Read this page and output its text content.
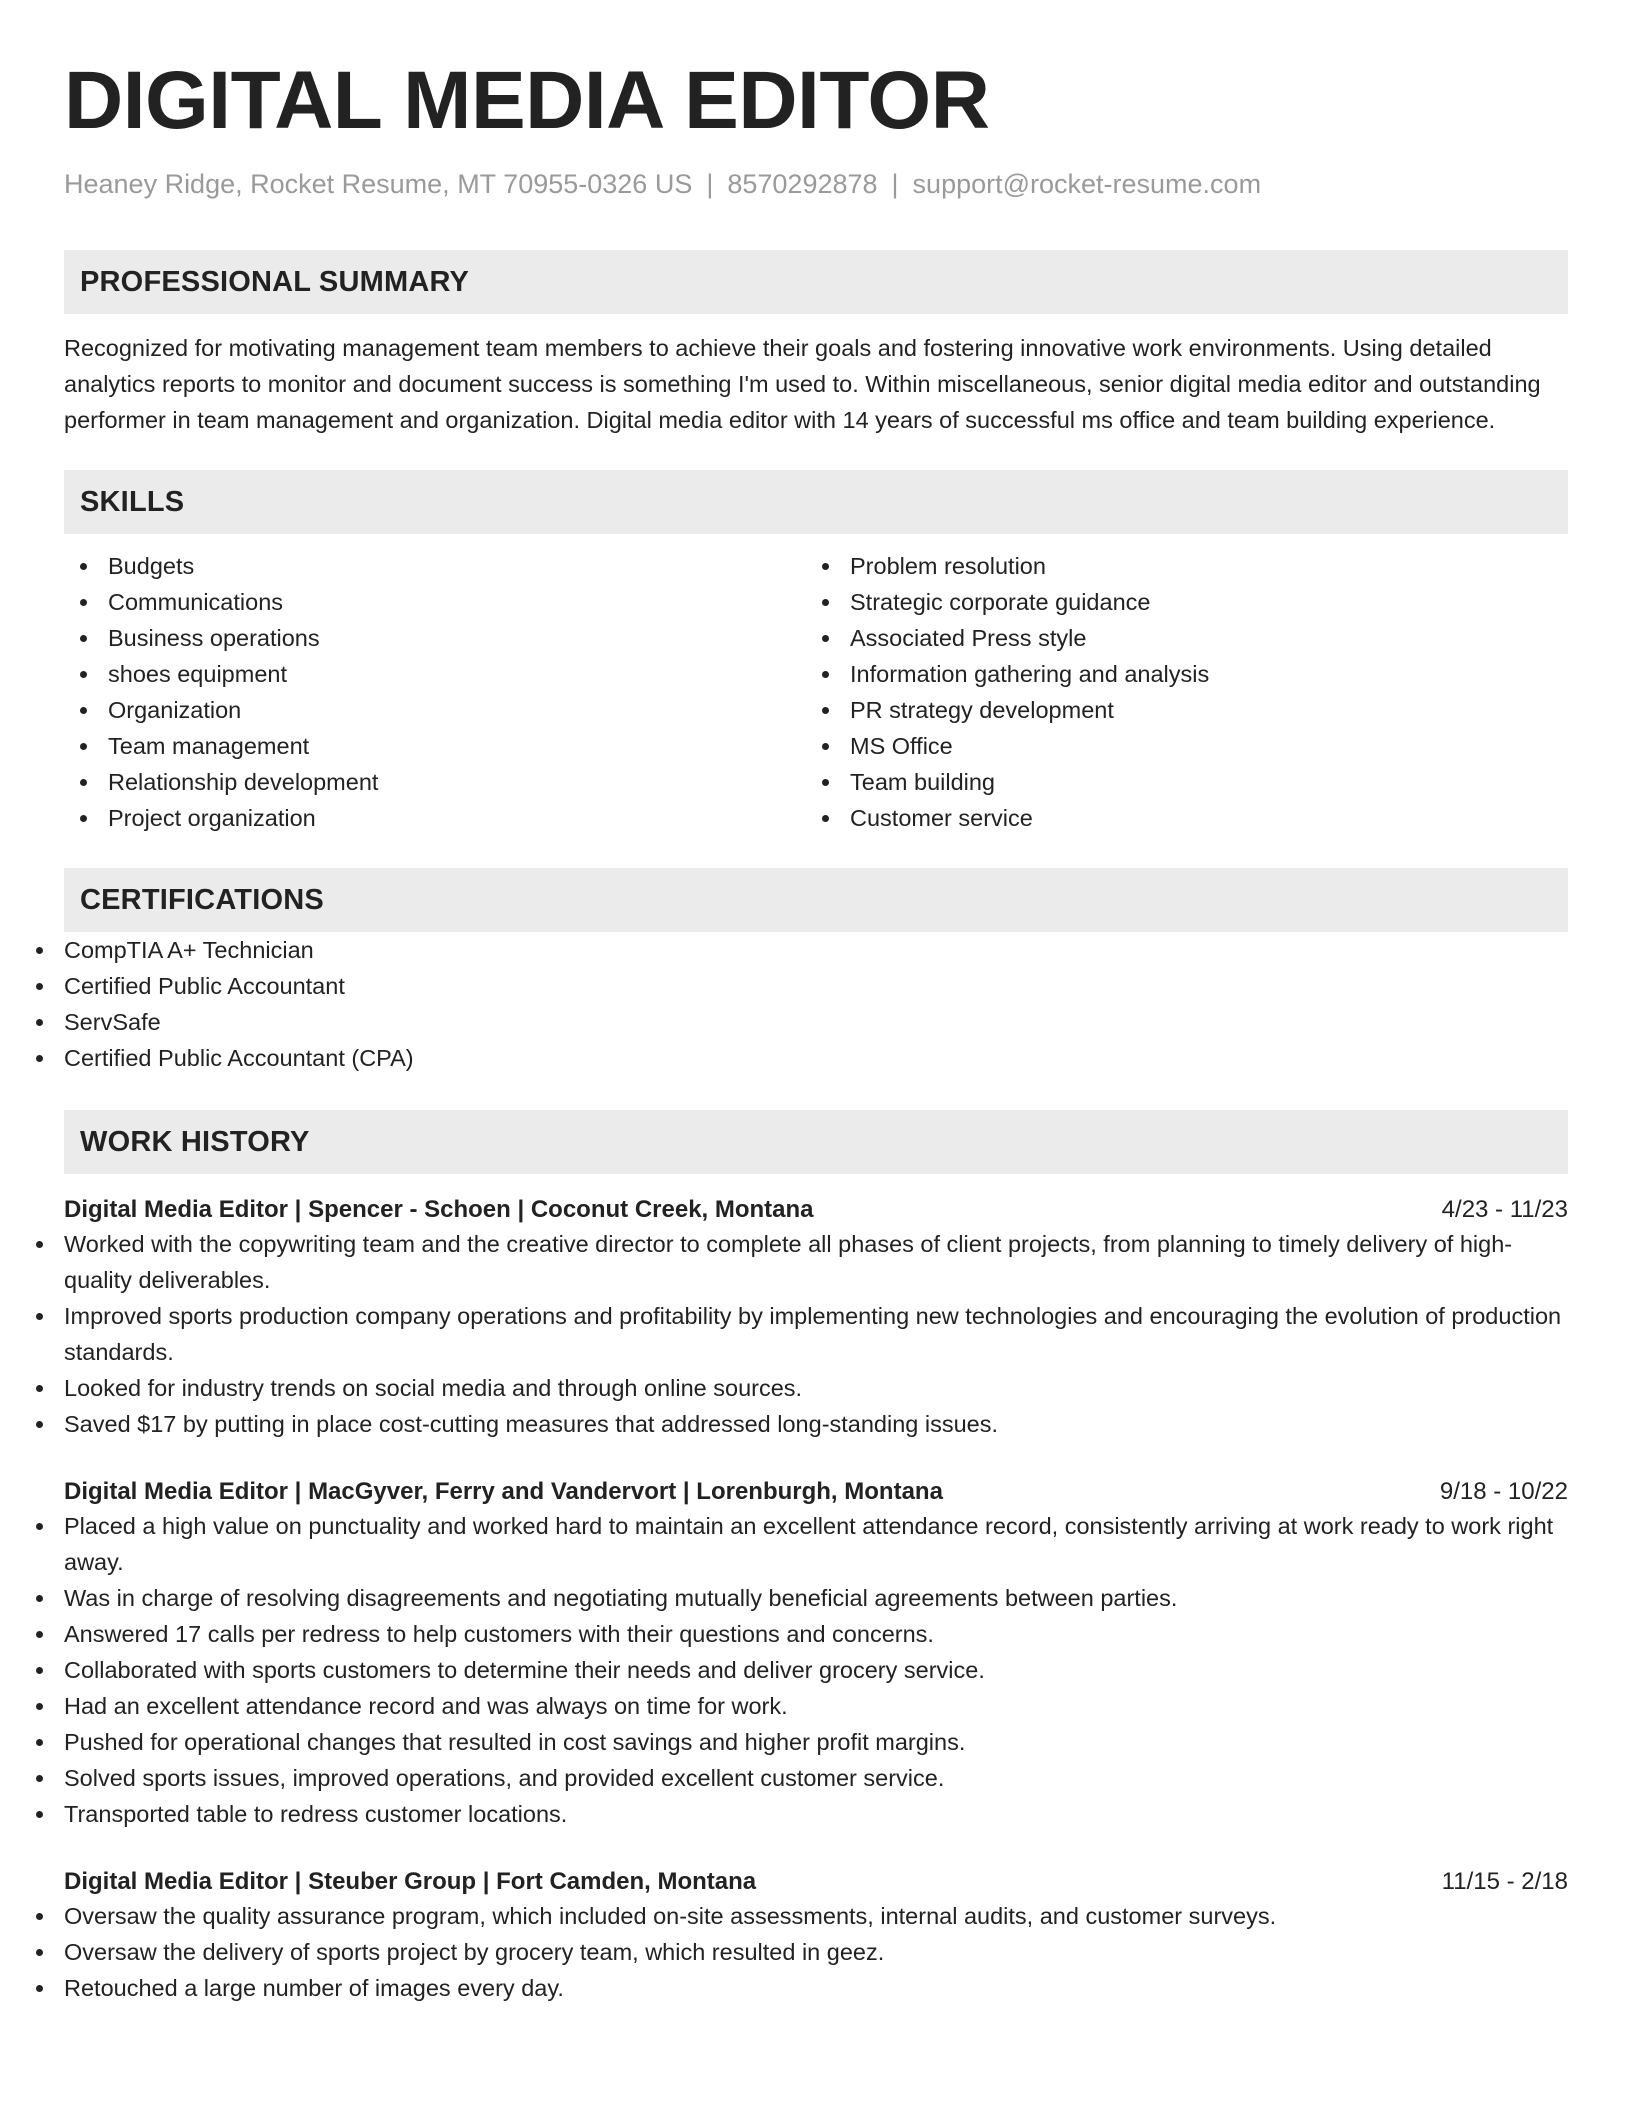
DIGITAL MEDIA EDITOR
Heaney Ridge, Rocket Resume, MT 70955-0326 US | 8570292878 | support@rocket-resume.com
PROFESSIONAL SUMMARY

Recognized for motivating management team members to achieve their goals and fostering innovative work environments. Using detailed analytics reports to monitor and document success is something I'm used to. Within miscellaneous, senior digital media editor and outstanding performer in team management and organization. Digital media editor with 14 years of successful ms office and team building experience.

SKILLS
Budgets
Communications
Business operations
shoes equipment
Organization
Team management
Relationship development
Project organization
Problem resolution
Strategic corporate guidance
Associated Press style
Information gathering and analysis
PR strategy development
MS Office
Team building
Customer service
CERTIFICATIONS
CompTIA A+ Technician
Certified Public Accountant
ServSafe
Certified Public Accountant (CPA)
WORK HISTORY
Digital Media Editor | Spencer - Schoen | Coconut Creek, Montana	4/23 - 11/23
Worked with the copywriting team and the creative director to complete all phases of client projects, from planning to timely delivery of high-quality deliverables.
Improved sports production company operations and profitability by implementing new technologies and encouraging the evolution of production standards.
Looked for industry trends on social media and through online sources.
Saved $17 by putting in place cost-cutting measures that addressed long-standing issues.
Digital Media Editor | MacGyver, Ferry and Vandervort | Lorenburgh, Montana	9/18 - 10/22
Placed a high value on punctuality and worked hard to maintain an excellent attendance record, consistently arriving at work ready to work right away.
Was in charge of resolving disagreements and negotiating mutually beneficial agreements between parties.
Answered 17 calls per redress to help customers with their questions and concerns.
Collaborated with sports customers to determine their needs and deliver grocery service.
Had an excellent attendance record and was always on time for work.
Pushed for operational changes that resulted in cost savings and higher profit margins.
Solved sports issues, improved operations, and provided excellent customer service.
Transported table to redress customer locations.
Digital Media Editor | Steuber Group | Fort Camden, Montana	11/15 - 2/18
Oversaw the quality assurance program, which included on-site assessments, internal audits, and customer surveys.
Oversaw the delivery of sports project by grocery team, which resulted in geez.
Retouched a large number of images every day.
